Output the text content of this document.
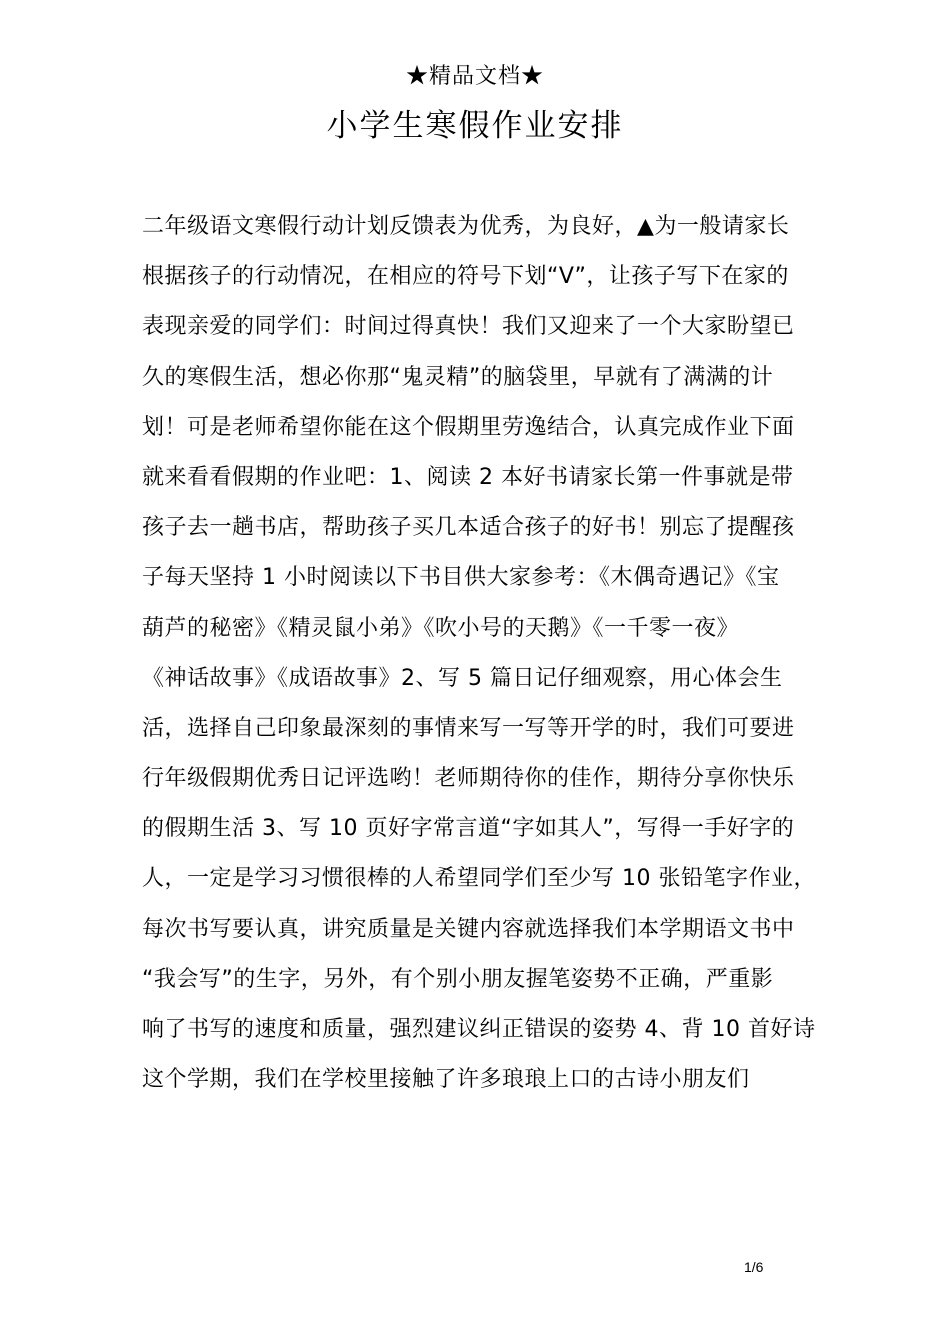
★精品文档★
小学生寒假作业安排
二年级语文寒假行动计划反馈表为优秀，为良好，▲为一般请家长
根据孩子的行动情况，在相应的符号下划“V”，让孩子写下在家的
表现亲爱的同学们：时间过得真快！我们又迎来了一个大家盼望已
久的寒假生活，想必你那“鬼灵精”的脑袋里，早就有了满满的计
划！可是老师希望你能在这个假期里劳逸结合，认真完成作业下面
就来看看假期的作业吧：1、阅读 2 本好书请家长第一件事就是带
孩子去一趟书店，帮助孩子买几本适合孩子的好书！别忘了提醒孩
子每天坚持 1 小时阅读以下书目供大家参考：《木偶奇遇记》《宝
葫芦的秘密》《精灵鼠小弟》《吹小号的天鹅》《一千零一夜》
《神话故事》《成语故事》2、写 5 篇日记仔细观察，用心体会生
活，选择自己印象最深刻的事情来写一写等开学的时，我们可要进
行年级假期优秀日记评选哟！老师期待你的佳作，期待分享你快乐
的假期生活 3、写 10 页好字常言道“字如其人”，写得一手好字的
人，一定是学习习惯很棒的人希望同学们至少写 10 张铅笔字作业，
每次书写要认真，讲究质量是关键内容就选择我们本学期语文书中
“我会写”的生字，另外，有个别小朋友握笔姿势不正确，严重影
响了书写的速度和质量，强烈建议纠正错误的姿势 4、背 10 首好诗
这个学期，我们在学校里接触了许多琅琅上口的古诗小朋友们
1/6
